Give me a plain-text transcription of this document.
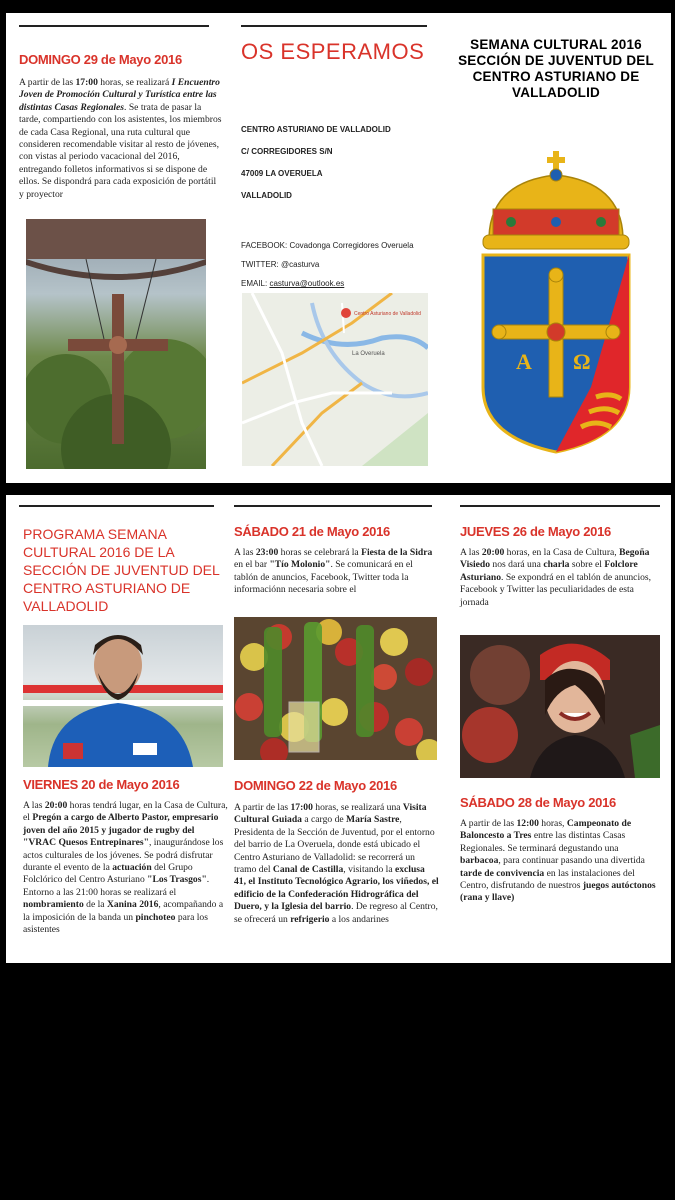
DOMINGO 29 de Mayo 2016

A partir de las 17:00 horas, se realizará I Encuentro Joven de Promoción Cultural y Turística entre las distintas Casas Regionales. Se trata de pasar la tarde, compartiendo con los asistentes, los miembros de cada Casa Regional, una ruta cultural que consideren recomendable visitar al resto de jóvenes, con vistas al periodo vacacional del 2016, entregando folletos informativos si se dispone de ellos. Se dispondrá para cada exposición de portátil y proyector

OS ESPERAMOS

CENTRO ASTURIANO DE VALLADOLID
C/ CORREGIDORES S/N
47009 LA OVERUELA
VALLADOLID
FACEBOOK: Covadonga Corregidores Overuela
TWITTER: @casturva
EMAIL: casturva@outlook.es
Centro Asturiano de Valladolid
La Overuela
SEMANA CULTURAL 2016 SECCIÓN DE JUVENTUD DEL CENTRO ASTURIANO DE VALLADOLID
A Ω
PROGRAMA SEMANA CULTURAL 2016 DE LA SECCIÓN DE JUVENTUD DEL CENTRO ASTURIANO DE VALLADOLID

VIERNES 20 de Mayo 2016

A las 20:00 horas tendrá lugar, en la Casa de Cultura, el Pregón a cargo de Alberto Pastor, empresario joven del año 2015 y jugador de rugby del "VRAC Quesos Entrepinares", inaugurándose los actos culturales de los jóvenes. Se podrá disfrutar durante el evento de la actuación del Grupo Folclórico del Centro Asturiano "Los Trasgos". Entorno a las 21:00 horas se realizará el nombramiento de la Xanina 2016, acompañando a la imposición de la banda un pinchoteo para los asistentes

SÁBADO 21 de Mayo 2016

A las 23:00 horas se celebrará la Fiesta de la Sidra en el bar "Tío Molonio". Se comunicará en el tablón de anuncios, Facebook, Twitter toda la informaciónn necesaria sobre el

DOMINGO 22 de Mayo 2016

A partir de las 17:00 horas, se realizará una Visita Cultural Guiada a cargo de María Sastre, Presidenta de la Sección de Juventud, por el entorno del barrio de La Overuela, donde está ubicado el Centro Asturiano de Valladolid: se recorrerá un tramo del Canal de Castilla, visitando la exclusa 41, el Instituto Tecnológico Agrario, los viñedos, el edificio de la Confederación Hidrográfica del Duero, y la Iglesia del barrio. De regreso al Centro, se ofrecerá un refrigerio a los andarines

JUEVES 26 de Mayo 2016

A las 20:00 horas, en la Casa de Cultura, Begoña Visiedo nos dará una charla sobre el Folclore Asturiano. Se expondrá en el tablón de anuncios, Facebook y Twitter las peculiaridades de esta jornada

SÁBADO 28 de Mayo 2016

A partir de las 12:00 horas, Campeonato de Baloncesto a Tres entre las distintas Casas Regionales. Se terminará degustando una barbacoa, para continuar pasando una divertida tarde de convivencia en las instalaciones del Centro, disfrutando de nuestros juegos autóctonos (rana y llave)
